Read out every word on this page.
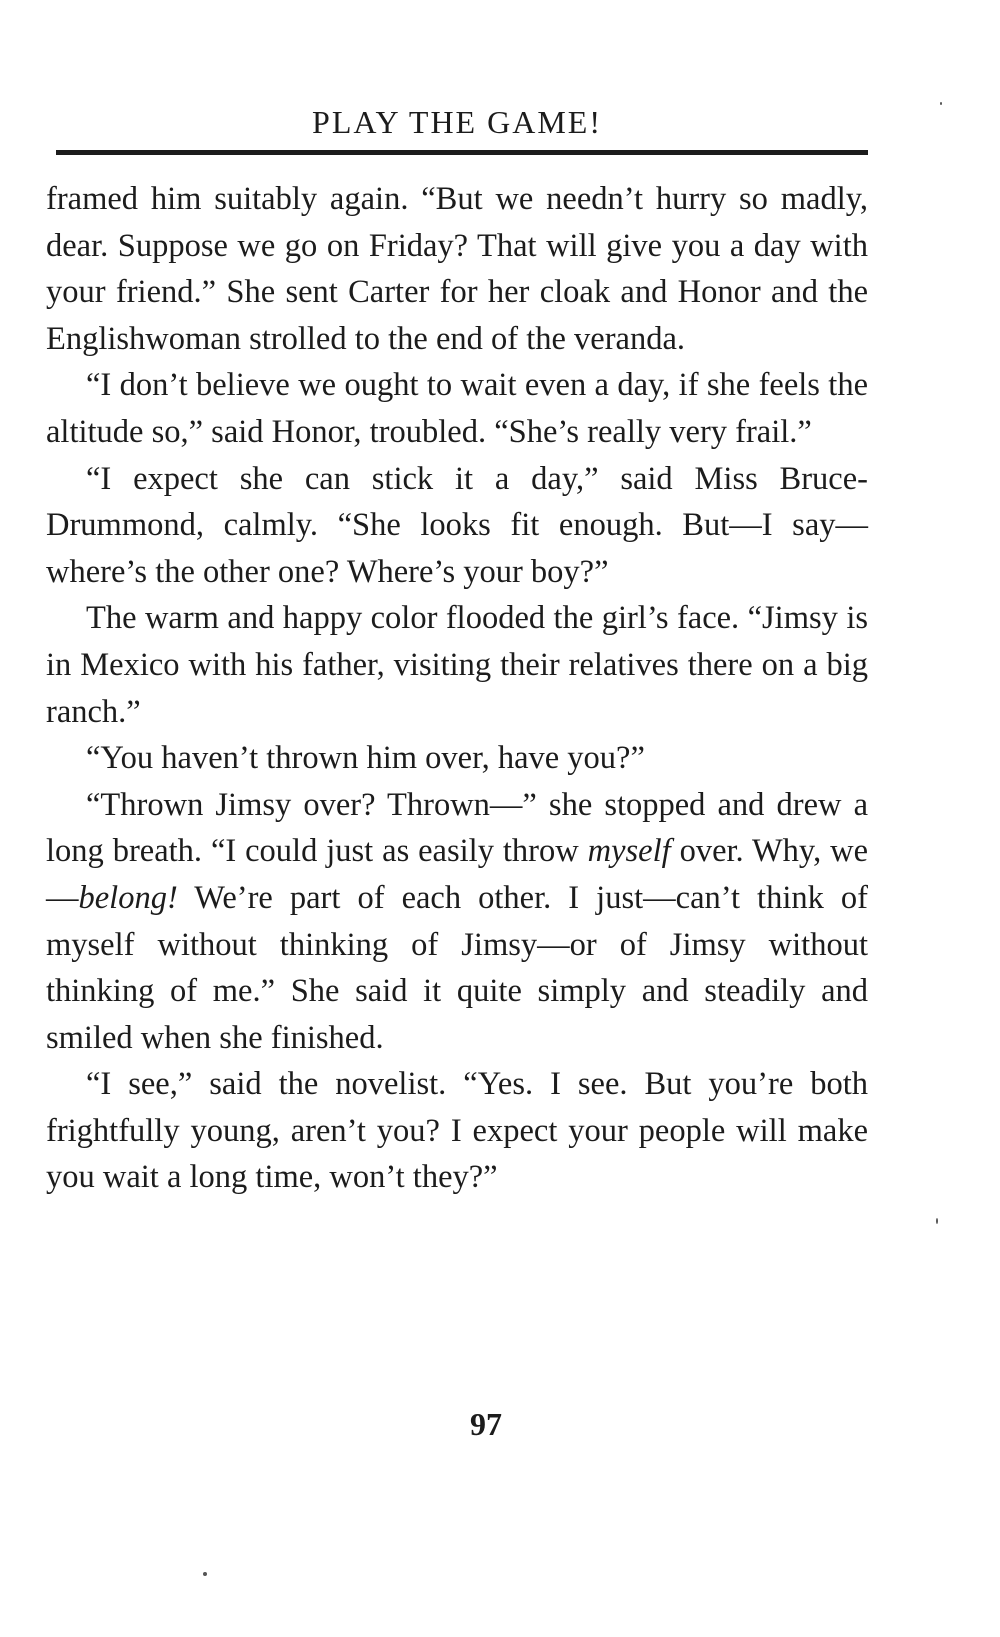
PLAY THE GAME!

framed him suitably again. “But we needn’t hurry so madly, dear. Suppose we go on Friday? That will give you a day with your friend.” She sent Carter for her cloak and Honor and the Englishwoman strolled to the end of the veranda.

“I don’t believe we ought to wait even a day, if she feels the altitude so,” said Honor, troubled. “She’s really very frail.”

“I expect she can stick it a day,” said Miss Bruce-Drummond, calmly. “She looks fit enough. But—I say—where’s the other one? Where’s your boy?”

The warm and happy color flooded the girl’s face. “Jimsy is in Mexico with his father, visiting their relatives there on a big ranch.”

“You haven’t thrown him over, have you?”

“Thrown Jimsy over? Thrown—” she stopped and drew a long breath. “I could just as easily throw myself over. Why, we—belong! We’re part of each other. I just—can’t think of myself without thinking of Jimsy—or of Jimsy without thinking of me.” She said it quite simply and steadily and smiled when she finished.

“I see,” said the novelist. “Yes. I see. But you’re both frightfully young, aren’t you? I expect your people will make you wait a long time, won’t they?”

97
